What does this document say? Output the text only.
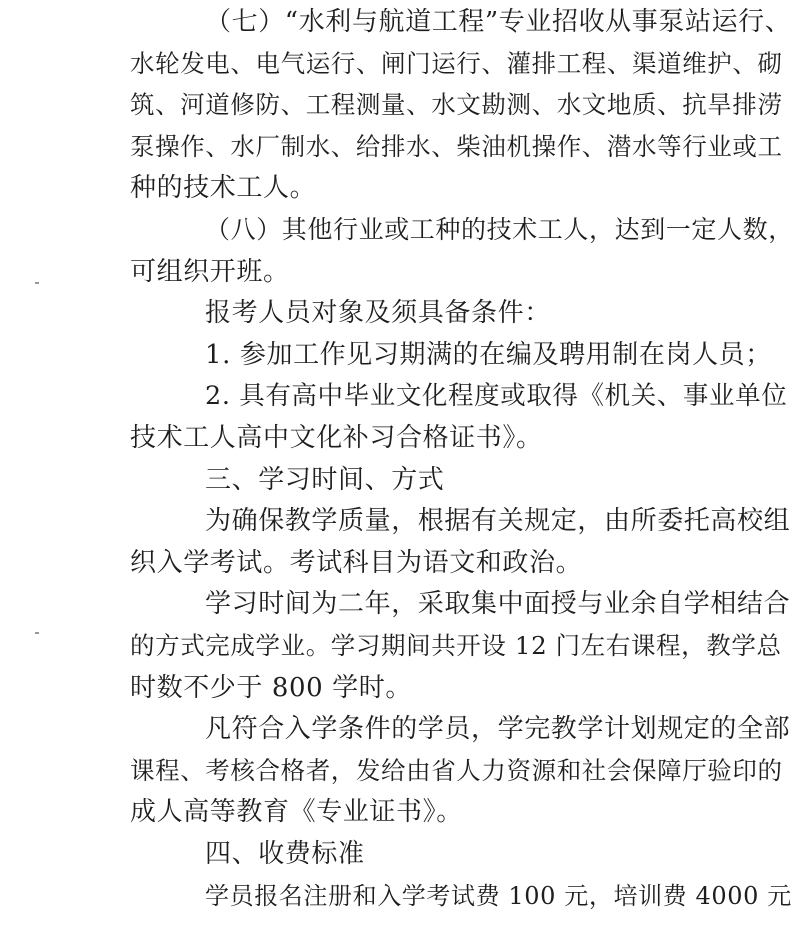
（七）“水利与航道工程”专业招收从事泵站运行、
水轮发电、电气运行、闸门运行、灌排工程、渠道维护、砌
筑、河道修防、工程测量、水文勘测、水文地质、抗旱排涝
泵操作、水厂制水、给排水、柴油机操作、潜水等行业或工
种的技术工人。
（八）其他行业或工种的技术工人，达到一定人数，
可组织开班。
报考人员对象及须具备条件：
1. 参加工作见习期满的在编及聘用制在岗人员；
2. 具有高中毕业文化程度或取得《机关、事业单位
技术工人高中文化补习合格证书》。
三、学习时间、方式
为确保教学质量，根据有关规定，由所委托高校组
织入学考试。考试科目为语文和政治。
学习时间为二年，采取集中面授与业余自学相结合
的方式完成学业。学习期间共开设 12 门左右课程，教学总
时数不少于 800 学时。
凡符合入学条件的学员，学完教学计划规定的全部
课程、考核合格者，发给由省人力资源和社会保障厅验印的
成人高等教育《专业证书》。
四、收费标准
学员报名注册和入学考试费 100 元，培训费 4000 元
